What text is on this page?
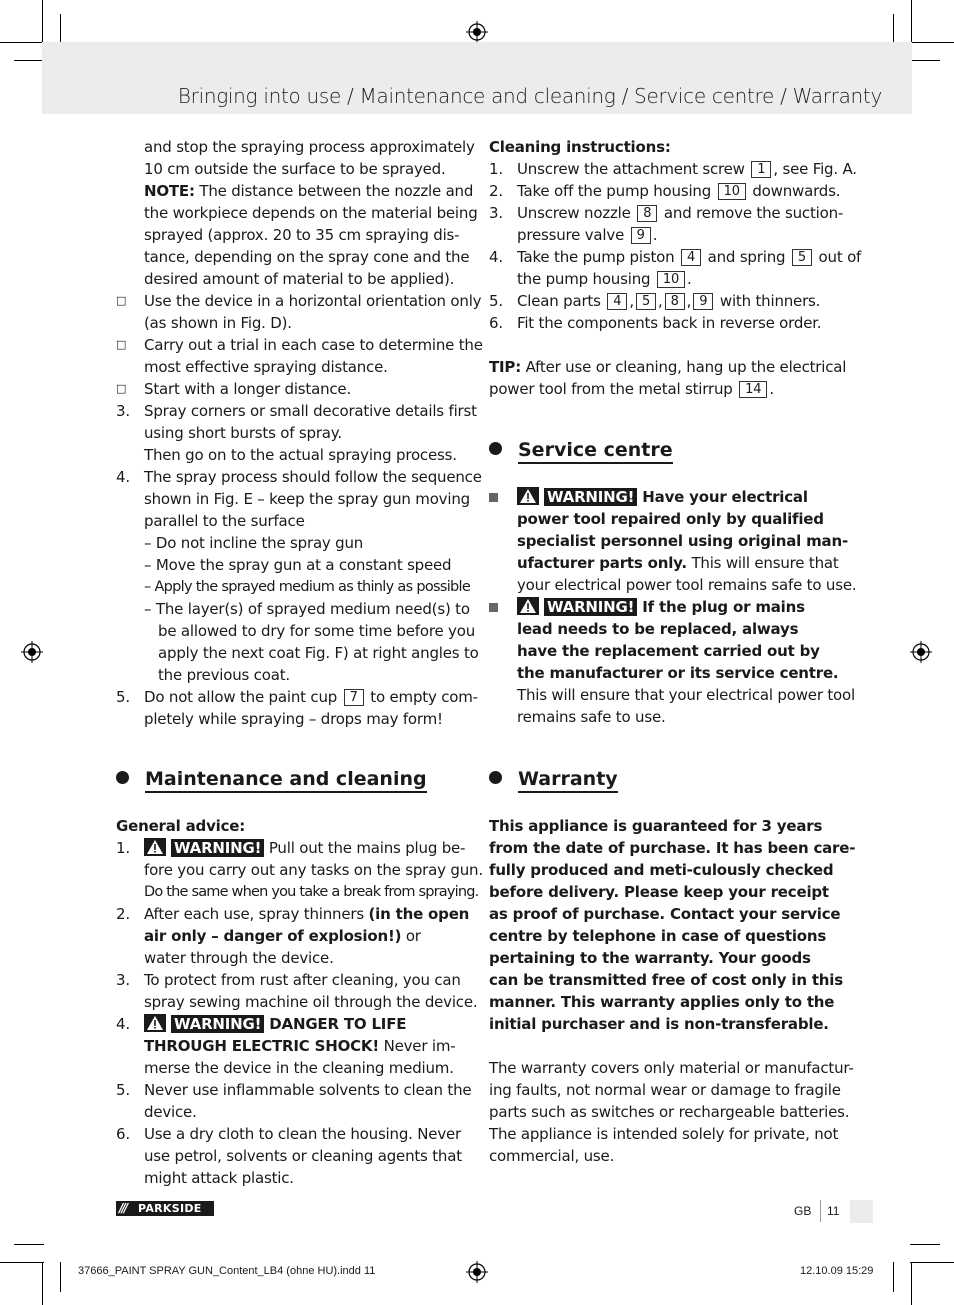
Bringing into use / Maintenance and cleaning / Service centre / Warranty
and stop the spraying process approximately
10 cm outside the surface to be sprayed.
NOTE: The distance between the nozzle and
the workpiece depends on the material being
sprayed (approx. 20 to 35 cm spraying dis-
tance, depending on the spray cone and the
desired amount of material to be applied).
□ Use the device in a horizontal orientation only
(as shown in Fig. D).
□ Carry out a trial in each case to determine the
most effective spraying distance.
□ Start with a longer distance.
3. Spray corners or small decorative details first
using short bursts of spray.
Then go on to the actual spraying process.
4. The spray process should follow the sequence
shown in Fig. E – keep the spray gun moving
parallel to the surface
– Do not incline the spray gun
– Move the spray gun at a constant speed
– Apply the sprayed medium as thinly as possible
– The layer(s) of sprayed medium need(s) to
be allowed to dry for some time before you
apply the next coat Fig. F) at right angles to
the previous coat.
5. Do not allow the paint cup 7 to empty com-
pletely while spraying – drops may form!
Maintenance and cleaning
General advice:
1.	WARNING! Pull out the mains plug be-
fore you carry out any tasks on the spray gun.
Do the same when you take a break from spraying.
2. After each use, spray thinners (in the open
air only – danger of explosion!) or
water through the device.
3. To protect from rust after cleaning, you can
spray sewing machine oil through the device.
4.	WARNING! DANGER TO LIFE
THROUGH ELECTRIC SHOCK! Never im-
merse the device in the cleaning medium.
5. Never use inflammable solvents to clean the
device.
6. Use a dry cloth to clean the housing. Never
use petrol, solvents or cleaning agents that
might attack plastic.
Cleaning instructions:
1. Unscrew the attachment screw 1 , see Fig. A.
2. Take off the pump housing 10 downwards.
3. Unscrew nozzle 8 and remove the suction-
pressure valve 9 .
4. Take the pump piston 4 and spring 5 out of
the pump housing 10 .
5. Clean parts 4 , 5 , 8 , 9 with thinners.
6. Fit the components back in reverse order.
TIP: After use or cleaning, hang up the electrical
power tool from the metal stirrup 14 .
Service centre
WARNING! Have your electrical
power tool repaired only by qualified
specialist personnel using original man-
ufacturer parts only. This will ensure that
your electrical power tool remains safe to use.
WARNING! If the plug or mains
lead needs to be replaced, always
have the replacement carried out by
the manufacturer or its service centre.
This will ensure that your electrical power tool
remains safe to use.
Warranty
This appliance is guaranteed for 3 years
from the date of purchase. It has been care-
fully produced and meti-culously checked
before delivery. Please keep your receipt
as proof of purchase. Contact your service
centre by telephone in case of questions
pertaining to the warranty. Your goods
can be transmitted free of cost only in this
manner. This warranty applies only to the
initial purchaser and is non-transferable.
The warranty covers only material or manufactur-
ing faults, not normal wear or damage to fragile
parts such as switches or rechargeable batteries.
The appliance is intended solely for private, not
commercial, use.
/// PARKSIDE	GB 11
37666_PAINT SPRAY GUN_Content_LB4 (ohne HU).indd 11	12.10.09 15:29
